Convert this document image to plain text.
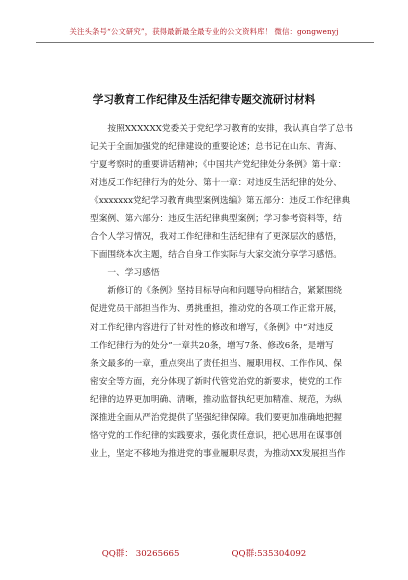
关注头条号“公文研究”，获得最新最全最专业的公文资料库！ 微信：gongwenyj
学习教育工作纪律及生活纪律专题交流研讨材料
　　按照XXXXXX党委关于党纪学习教育的安排，我认真自学了总书
记关于全面加强党的纪律建设的重要论述；总书记在山东、青海、
宁夏考察时的重要讲话精神；《中国共产党纪律处分条例》第十章：
对违反工作纪律行为的处分、第十一章：对违反生活纪律的处分、
《xxxxxxx党纪学习教育典型案例选编》第五部分：违反工作纪律典
型案例、第六部分：违反生活纪律典型案例；学习参考资料等，结
合个人学习情况，我对工作纪律和生活纪律有了更深层次的感悟，
下面围绕本次主题，结合自身工作实际与大家交流分享学习感悟。
　　一、学习感悟
　　新修订的《条例》坚持目标导向和问题导向相结合，紧紧围绕
促进党员干部担当作为、勇挑重担，推动党的各项工作正常开展，
对工作纪律内容进行了针对性的修改和增写，《条例》中“对违反
工作纪律行为的处分”一章共20条，增写7条、修改6条，是增写
条文最多的一章，重点突出了责任担当、履职用权、工作作风、保
密安全等方面，充分体现了新时代管党治党的新要求，使党的工作
纪律的边界更加明确、清晰，推动监督执纪更加精准、规范，为纵
深推进全面从严治党提供了坚强纪律保障。我们要更加准确地把握
恪守党的工作纪律的实践要求，强化责任意识，把心思用在谋事创
业上，坚定不移地为推进党的事业履职尽责，为推动XX发展担当作
QQ群： 30265665	QQ群:535304092
